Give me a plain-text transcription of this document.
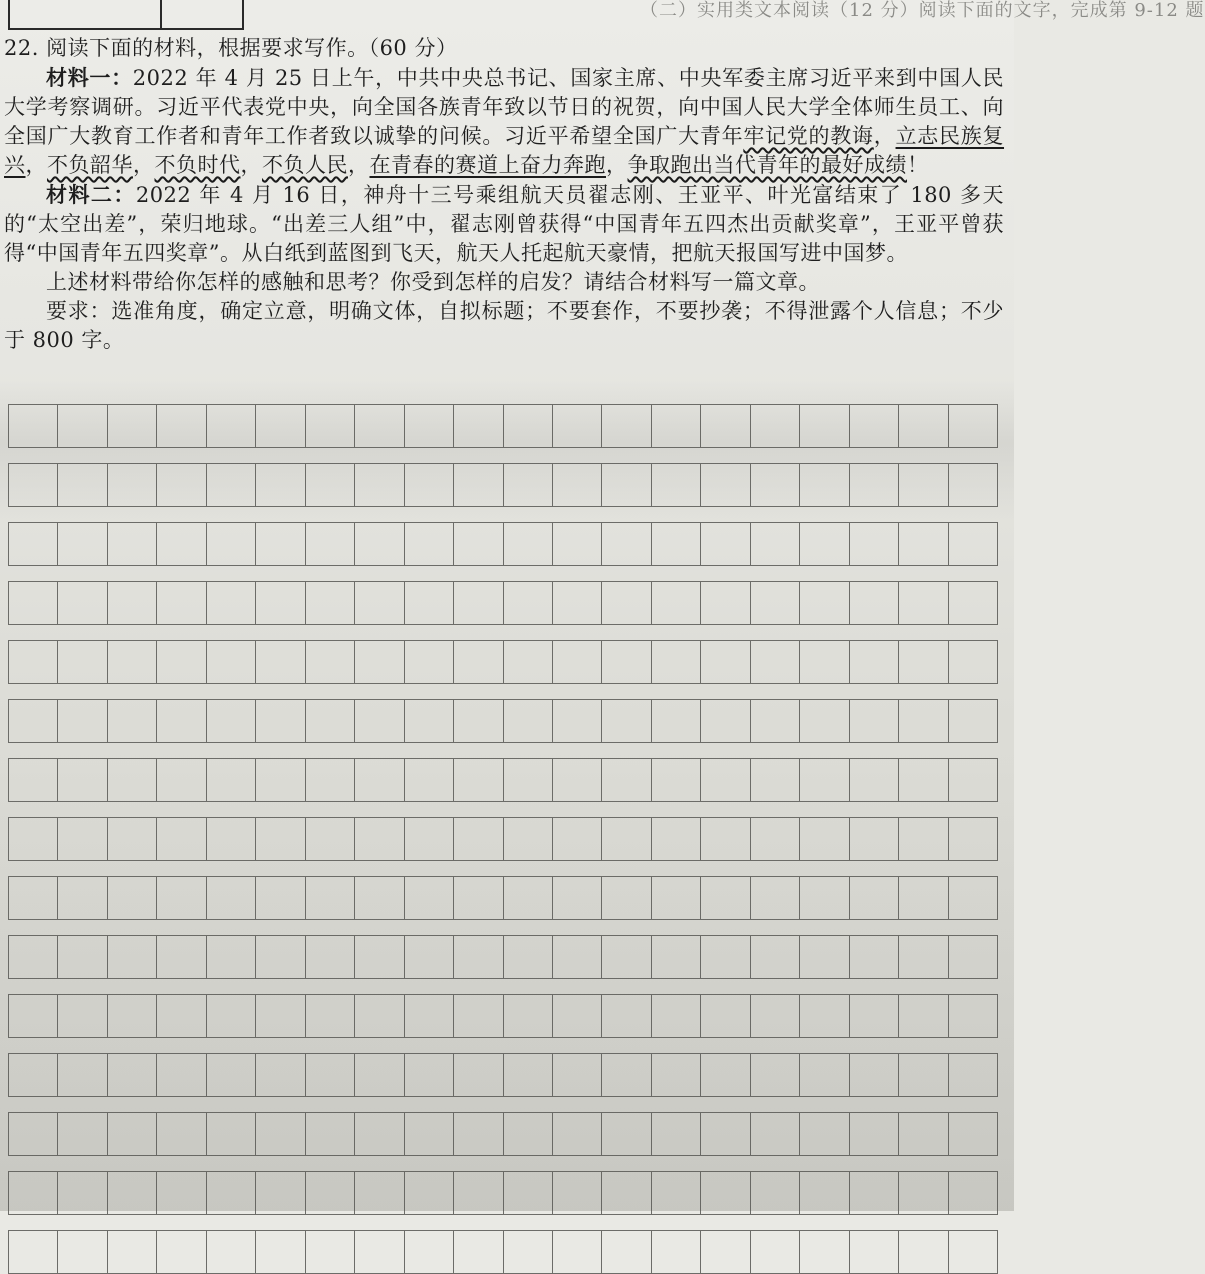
（二）实用类文本阅读（12 分）阅读下面的文字，完成第 9-12 题
22. 阅读下面的材料，根据要求写作。（60 分）

材料一：2022 年 4 月 25 日上午，中共中央总书记、国家主席、中央军委主席习近平来到中国人民大学考察调研。习近平代表党中央，向全国各族青年致以节日的祝贺，向中国人民大学全体师生员工、向全国广大教育工作者和青年工作者致以诚挚的问候。习近平希望全国广大青年牢记党的教诲，立志民族复兴，不负韶华，不负时代，不负人民，在青春的赛道上奋力奔跑，争取跑出当代青年的最好成绩！

材料二：2022 年 4 月 16 日，神舟十三号乘组航天员翟志刚、王亚平、叶光富结束了 180 多天的“太空出差”，荣归地球。“出差三人组”中，翟志刚曾获得“中国青年五四杰出贡献奖章”，王亚平曾获得“中国青年五四奖章”。从白纸到蓝图到飞天，航天人托起航天豪情，把航天报国写进中国梦。

上述材料带给你怎样的感触和思考？你受到怎样的启发？请结合材料写一篇文章。

要求：选准角度，确定立意，明确文体，自拟标题；不要套作，不要抄袭；不得泄露个人信息；不少于 800 字。
